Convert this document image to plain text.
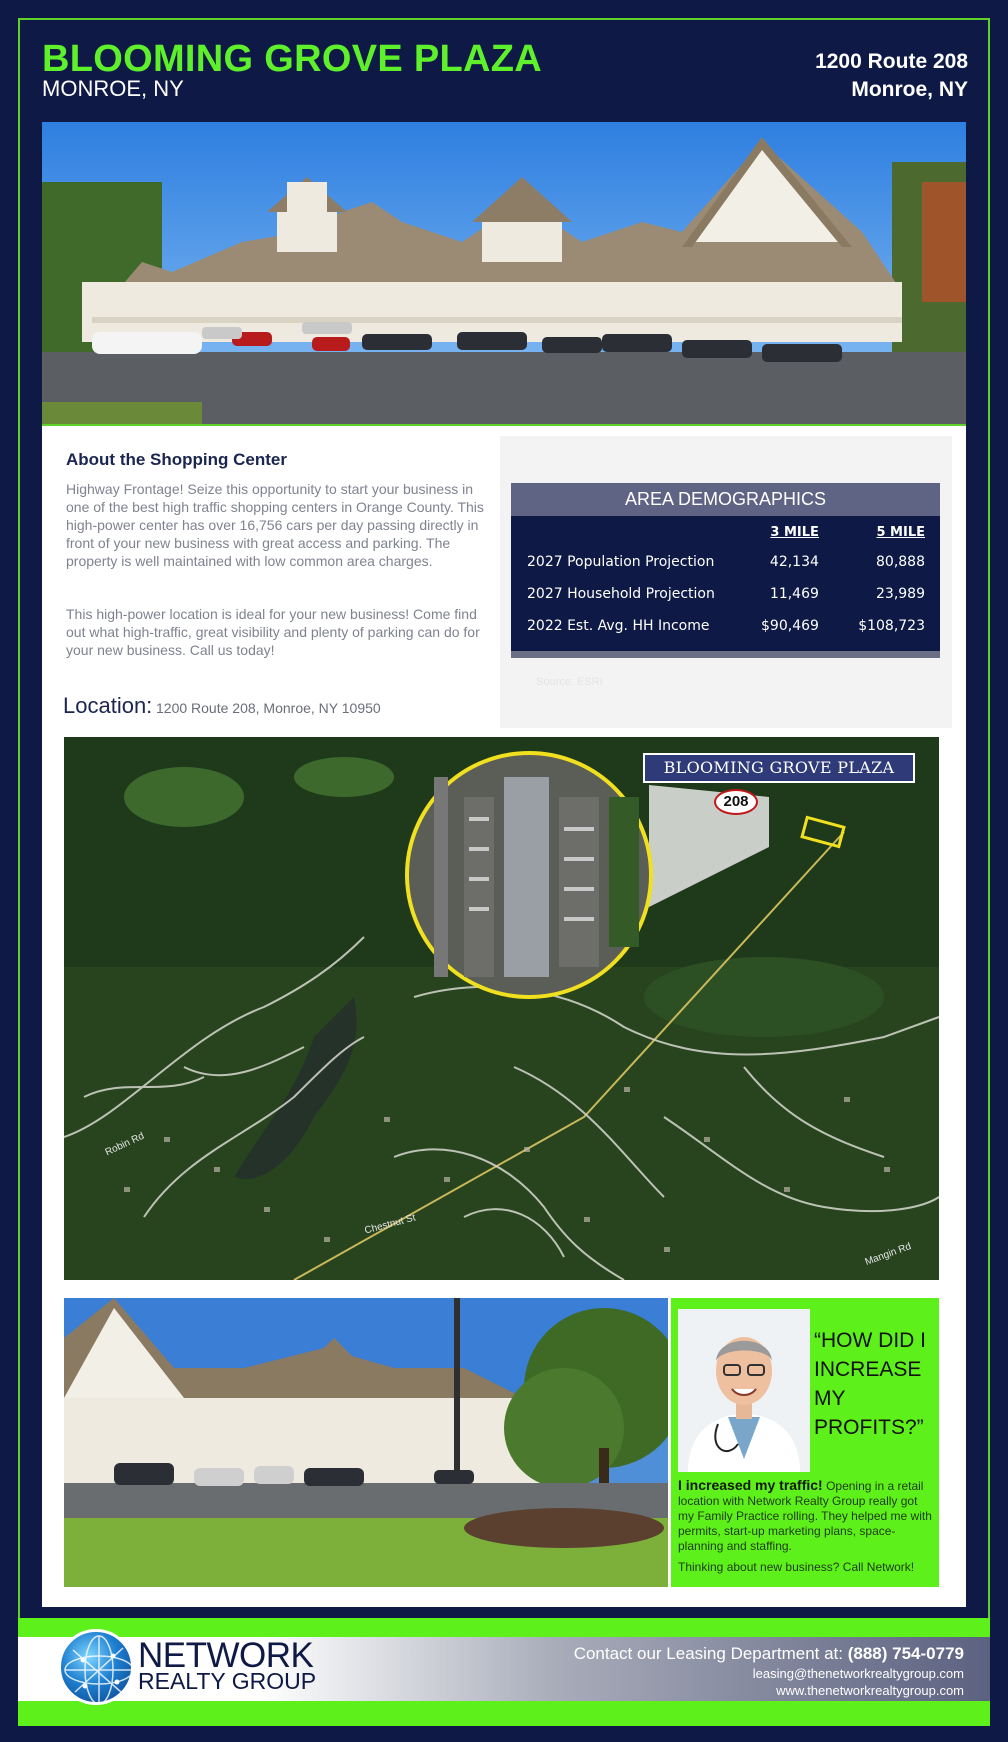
BLOOMING GROVE PLAZA
MONROE, NY
1200 Route 208
Monroe, NY
About the Shopping Center
Highway Frontage! Seize this opportunity to start your business in one of the best high traffic shopping centers in Orange County. This high-power center has over 16,756 cars per day passing directly in front of your new business with great access and parking. The property is well maintained with low common area charges.
This high-power location is ideal for your new business! Come find out what high-traffic, great visibility and plenty of parking can do for your new business. Call us today!
AREA DEMOGRAPHICS
	3 MILE	5 MILE
2027 Population Projection	42,134	80,888
2027 Household Projection	11,469	23,989
2022 Est. Avg. HH Income	$90,469	$108,723
Source: ESRI
Location: 1200 Route 208, Monroe, NY 10950
Robin Rd
Chestnut St
Mangin Rd
BLOOMING GROVE PLAZA
208
“HOW DID I INCREASE MY PROFITS?”
I increased my traffic! Opening in a retail location with Network Realty Group really got my Family Practice rolling. They helped me with permits, start-up marketing plans, space-planning and staffing.
Thinking about new business? Call Network!
NETWORK
REALTY GROUP
Contact our Leasing Department at: (888) 754-0779
leasing@thenetworkrealtygroup.com
www.thenetworkrealtygroup.com
